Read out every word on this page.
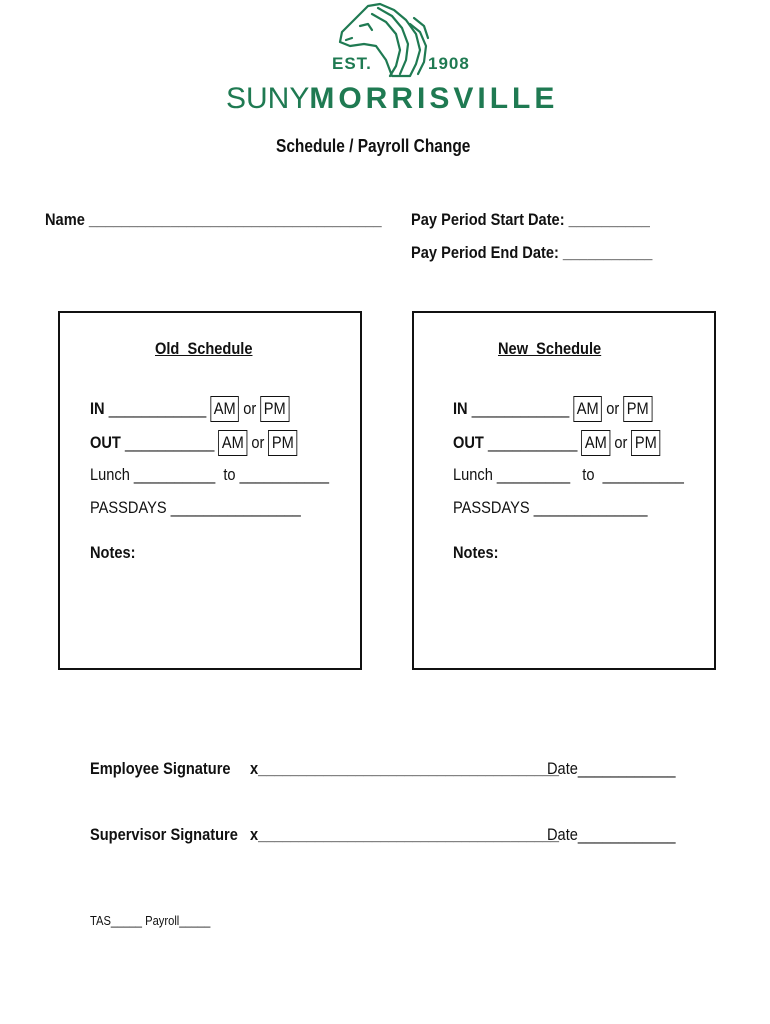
EST.	1908
SUNYMORRISVILLE
Schedule / Payroll Change
Name ____________________________________ Pay Period Start Date: __________
Pay Period End Date: ___________
Old  Schedule
IN ____________ AM or PM
OUT ___________ AM or PM
Lunch __________  to ___________
PASSDAYS ________________
Notes:
New  Schedule
IN ____________ AM or PM
OUT ___________ AM or PM
Lunch _________   to  __________
PASSDAYS ______________
Notes:
Employee Signature x_____________________________________
Date____________
Supervisor Signature x_____________________________________
Date____________
TAS_____ Payroll_____
